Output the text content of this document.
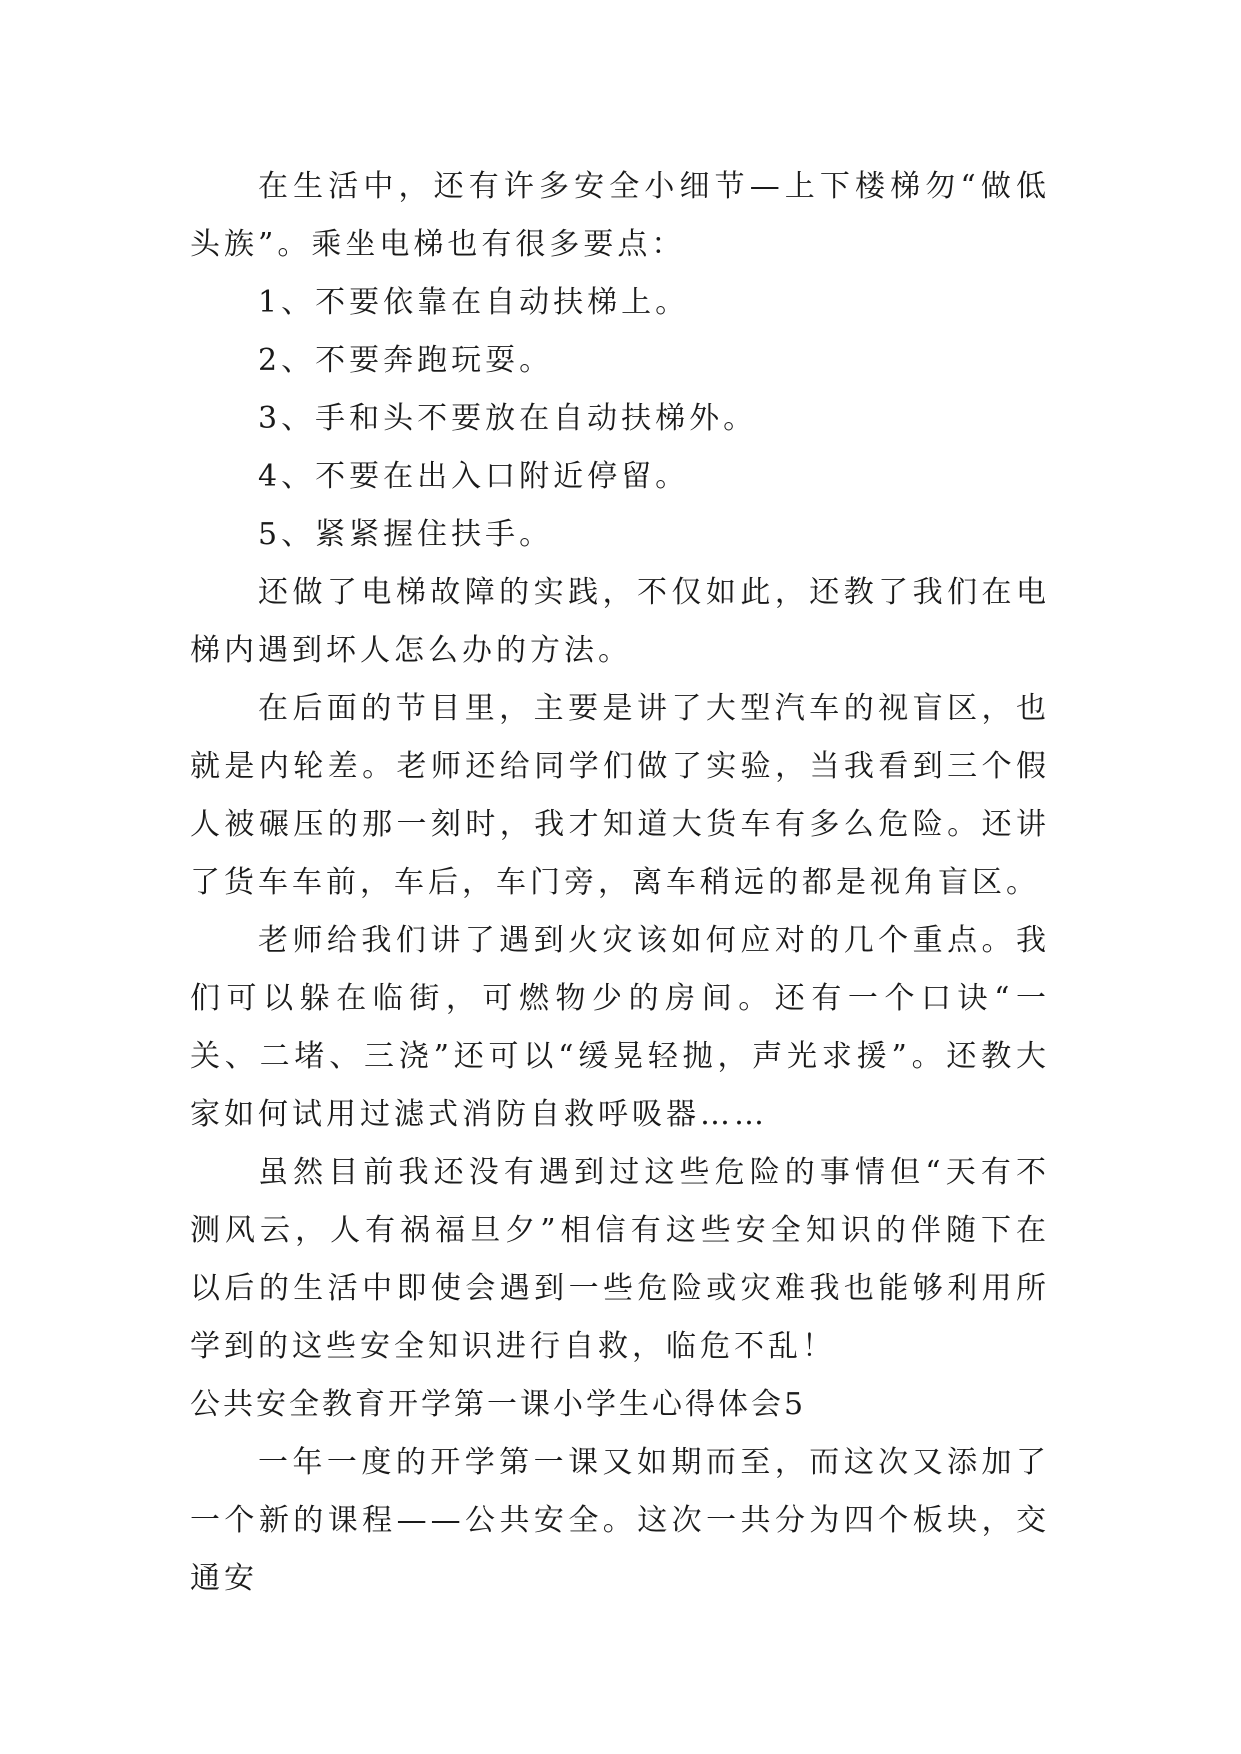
在生活中，还有许多安全小细节—上下楼梯勿“做低头族”。乘坐电梯也有很多要点：

1、不要依靠在自动扶梯上。

2、不要奔跑玩耍。

3、手和头不要放在自动扶梯外。

4、不要在出入口附近停留。

5、紧紧握住扶手。

还做了电梯故障的实践，不仅如此，还教了我们在电梯内遇到坏人怎么办的方法。

在后面的节目里，主要是讲了大型汽车的视盲区，也就是内轮差。老师还给同学们做了实验，当我看到三个假人被碾压的那一刻时，我才知道大货车有多么危险。还讲了货车车前，车后，车门旁，离车稍远的都是视角盲区。

老师给我们讲了遇到火灾该如何应对的几个重点。我们可以躲在临街，可燃物少的房间。还有一个口诀“一关、二堵、三浇”还可以“缓晃轻抛，声光求援”。还教大家如何试用过滤式消防自救呼吸器……

虽然目前我还没有遇到过这些危险的事情但“天有不测风云，人有祸福旦夕”相信有这些安全知识的伴随下在以后的生活中即使会遇到一些危险或灾难我也能够利用所学到的这些安全知识进行自救，临危不乱！

公共安全教育开学第一课小学生心得体会5

一年一度的开学第一课又如期而至，而这次又添加了一个新的课程——公共安全。这次一共分为四个板块，交通安
